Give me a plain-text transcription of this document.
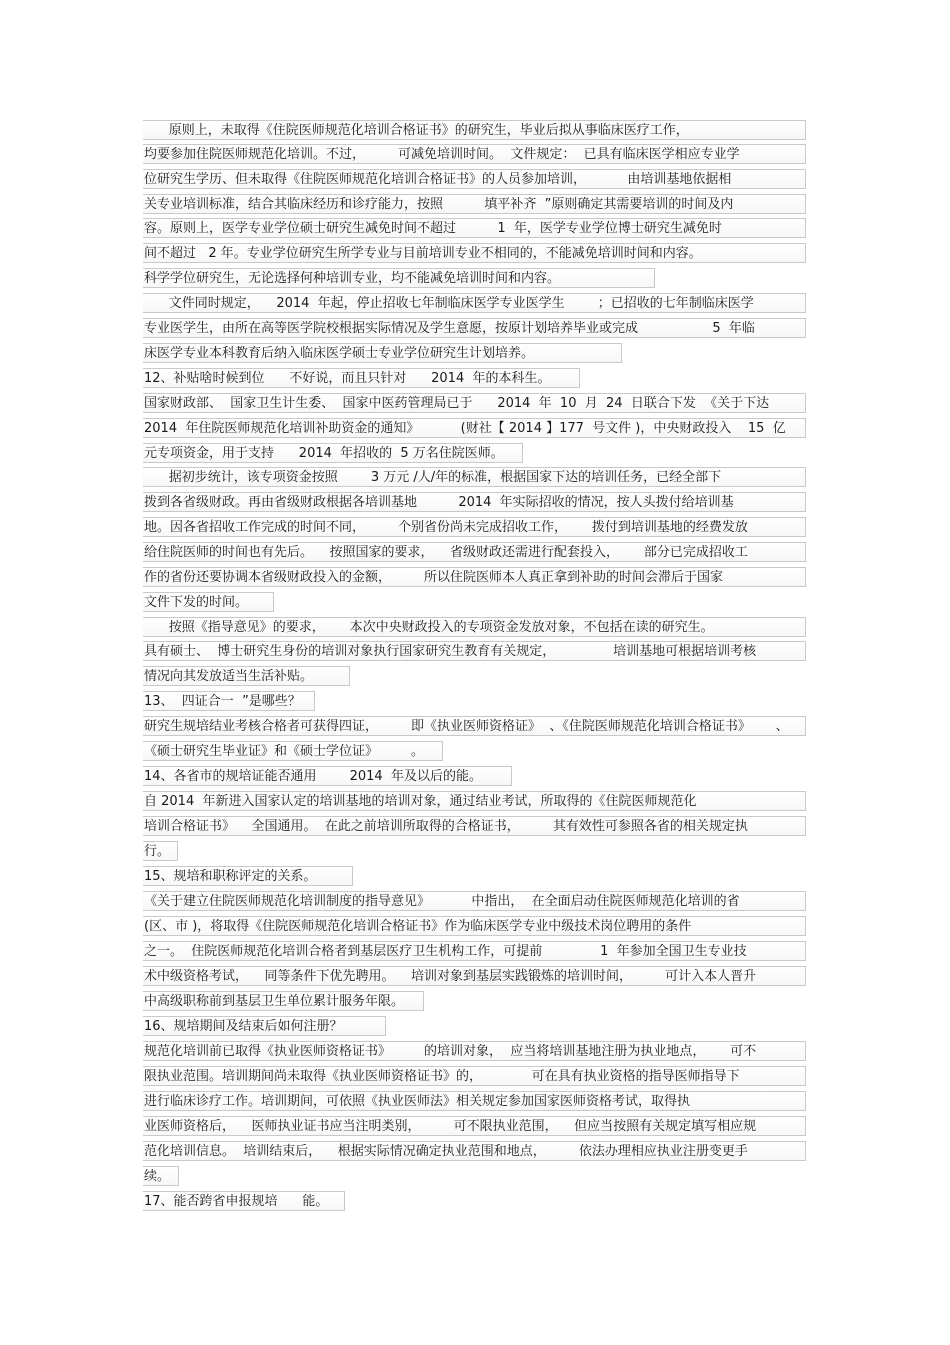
原则上，未取得《住院医师规范化培训合格证书》的研究生，毕业后拟从事临床医疗工作，
均要参加住院医师规范化培训。不过，        可减免培训时间。  文件规定：  已具有临床医学相应专业学
位研究生学历、但未取得《住院医师规范化培训合格证书》的人员参加培训，          由培训基地依据相
关专业培训标准，结合其临床经历和诊疗能力，按照          填平补齐  ”原则确定其需要培训的时间及内
容。原则上，医学专业学位硕士研究生减免时间不超过          1  年，医学专业学位博士研究生减免时
间不超过   2 年。专业学位研究生所学专业与目前培训专业不相同的，不能减免培训时间和内容。
科学学位研究生，无论选择何种培训专业，均不能减免培训时间和内容。
文件同时规定，    2014  年起，停止招收七年制临床医学专业医学生        ；已招收的七年制临床医学
专业医学生，由所在高等医学院校根据实际情况及学生意愿，按原计划培养毕业或完成                  5  年临
床医学专业本科教育后纳入临床医学硕士专业学位研究生计划培养。
12、补贴啥时候到位      不好说，而且只针对      2014  年的本科生。
国家财政部、  国家卫生计生委、  国家中医药管理局已于      2014  年  10  月  24  日联合下发  《关于下达
2014  年住院医师规范化培训补助资金的通知》          (财社【 2014 】177  号文件 )，中央财政投入    15  亿
元专项资金，用于支持      2014  年招收的  5 万名住院医师。
据初步统计，该专项资金按照        3 万元 /人/年的标准，根据国家下达的培训任务，已经全部下
拨到各省级财政。再由省级财政根据各培训基地          2014  年实际招收的情况，按人头拨付给培训基
地。因各省招收工作完成的时间不同，        个别省份尚未完成招收工作，      拨付到培训基地的经费发放
给住院医师的时间也有先后。    按照国家的要求，    省级财政还需进行配套投入，      部分已完成招收工
作的省份还要协调本省级财政投入的金额，        所以住院医师本人真正拿到补助的时间会滞后于国家
文件下发的时间。
按照《指导意见》的要求，      本次中央财政投入的专项资金发放对象，不包括在读的研究生。
具有硕士、  博士研究生身份的培训对象执行国家研究生教育有关规定，              培训基地可根据培训考核
情况向其发放适当生活补贴。
13、  四证合一  ”是哪些？
研究生规培结业考核合格者可获得四证，        即《执业医师资格证》  、《住院医师规范化培训合格证书》      、
《硕士研究生毕业证》和《硕士学位证》        。
14、各省市的规培证能否通用        2014  年及以后的能。
自 2014  年新进入国家认定的培训基地的培训对象，通过结业考试，所取得的《住院医师规范化
培训合格证书》    全国通用。  在此之前培训所取得的合格证书，        其有效性可参照各省的相关规定执
行。
15、规培和职称评定的关系。
《关于建立住院医师规范化培训制度的指导意见》          中指出，  在全面启动住院医师规范化培训的省
(区、市 )，将取得《住院医师规范化培训合格证书》作为临床医学专业中级技术岗位聘用的条件
之一。  住院医师规范化培训合格者到基层医疗卫生机构工作，可提前              1  年参加全国卫生专业技
术中级资格考试，    同等条件下优先聘用。    培训对象到基层实践锻炼的培训时间，        可计入本人晋升
中高级职称前到基层卫生单位累计服务年限。
16、规培期间及结束后如何注册？
规范化培训前已取得《执业医师资格证书》        的培训对象，  应当将培训基地注册为执业地点，      可不
限执业范围。培训期间尚未取得《执业医师资格证书》的，            可在具有执业资格的指导医师指导下
进行临床诊疗工作。培训期间，可依照《执业医师法》相关规定参加国家医师资格考试，取得执
业医师资格后，    医师执业证书应当注明类别，        可不限执业范围，    但应当按照有关规定填写相应规
范化培训信息。  培训结束后，    根据实际情况确定执业范围和地点，        依法办理相应执业注册变更手
续。
17、能否跨省申报规培      能。
